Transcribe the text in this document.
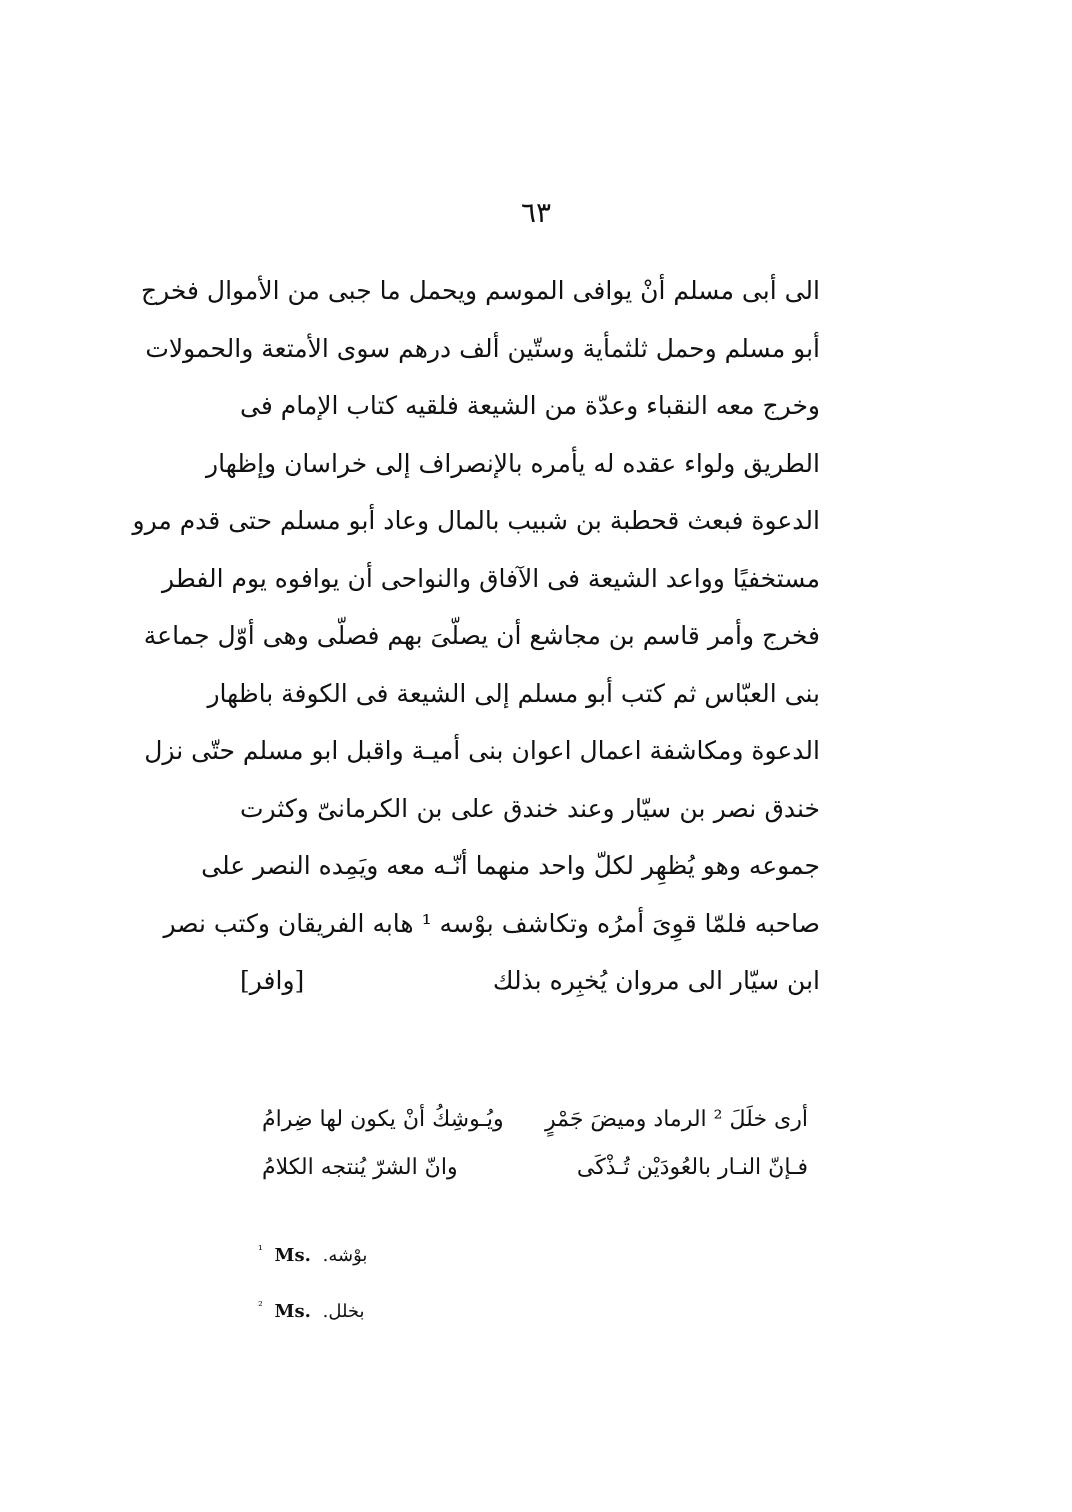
٦٣
الى أبى مسلم أنْ يوافى الموسم ويحمل ما جبى من الأموال فخرج
أبو مسلم وحمل ثلثمأية وستّين ألف درهم سوى الأمتعة والحمولات
وخرج معه النقباء وعدّة من الشيعة فلقيه كتاب الإمام فى
الطريق ولواء عقده له يأمره بالإنصراف إلى خراسان وإظهار
الدعوة فبعث قحطبة بن شبيب بالمال وعاد أبو مسلم حتى قدم مرو
مستخفيًا وواعد الشيعة فى الآفاق والنواحى أن يوافوه يوم الفطر
فخرج وأمر قاسم بن مجاشع أن يصلّىَ بهم فصلّى وهى أوّل جماعة
بنى العبّاس ثم كتب أبو مسلم إلى الشيعة فى الكوفة باظهار
الدعوة ومكاشفة اعمال اعوان بنى أميـة واقبل ابو مسلم حتّى نزل
خندق نصر بن سيّار وعند خندق على بن الكرمانىّ وكثرت
جموعه وهو يُظهِر لكلّ واحد منهما أنّـه معه ويَمِده النصر على
صاحبه فلمّا قوِىَ أمرُه وتكاشف بوْسه ¹ هابه الفريقان وكتب نصر
ابن سيّار الى مروان يُخبِره بذلك
[وافر]
أرى خلَلَ ² الرماد وميضَ جَمْرٍ
ويُـوشِكُ أنْ يكون لها ضِرامُ
فـإنّ النـار بالعُودَيْن تُـذْكَى
وانّ الشرّ يُنتجه الكلامُ
$^{^1}$ Ms. بوْشه.
$^{^2}$ Ms. بخلل.
